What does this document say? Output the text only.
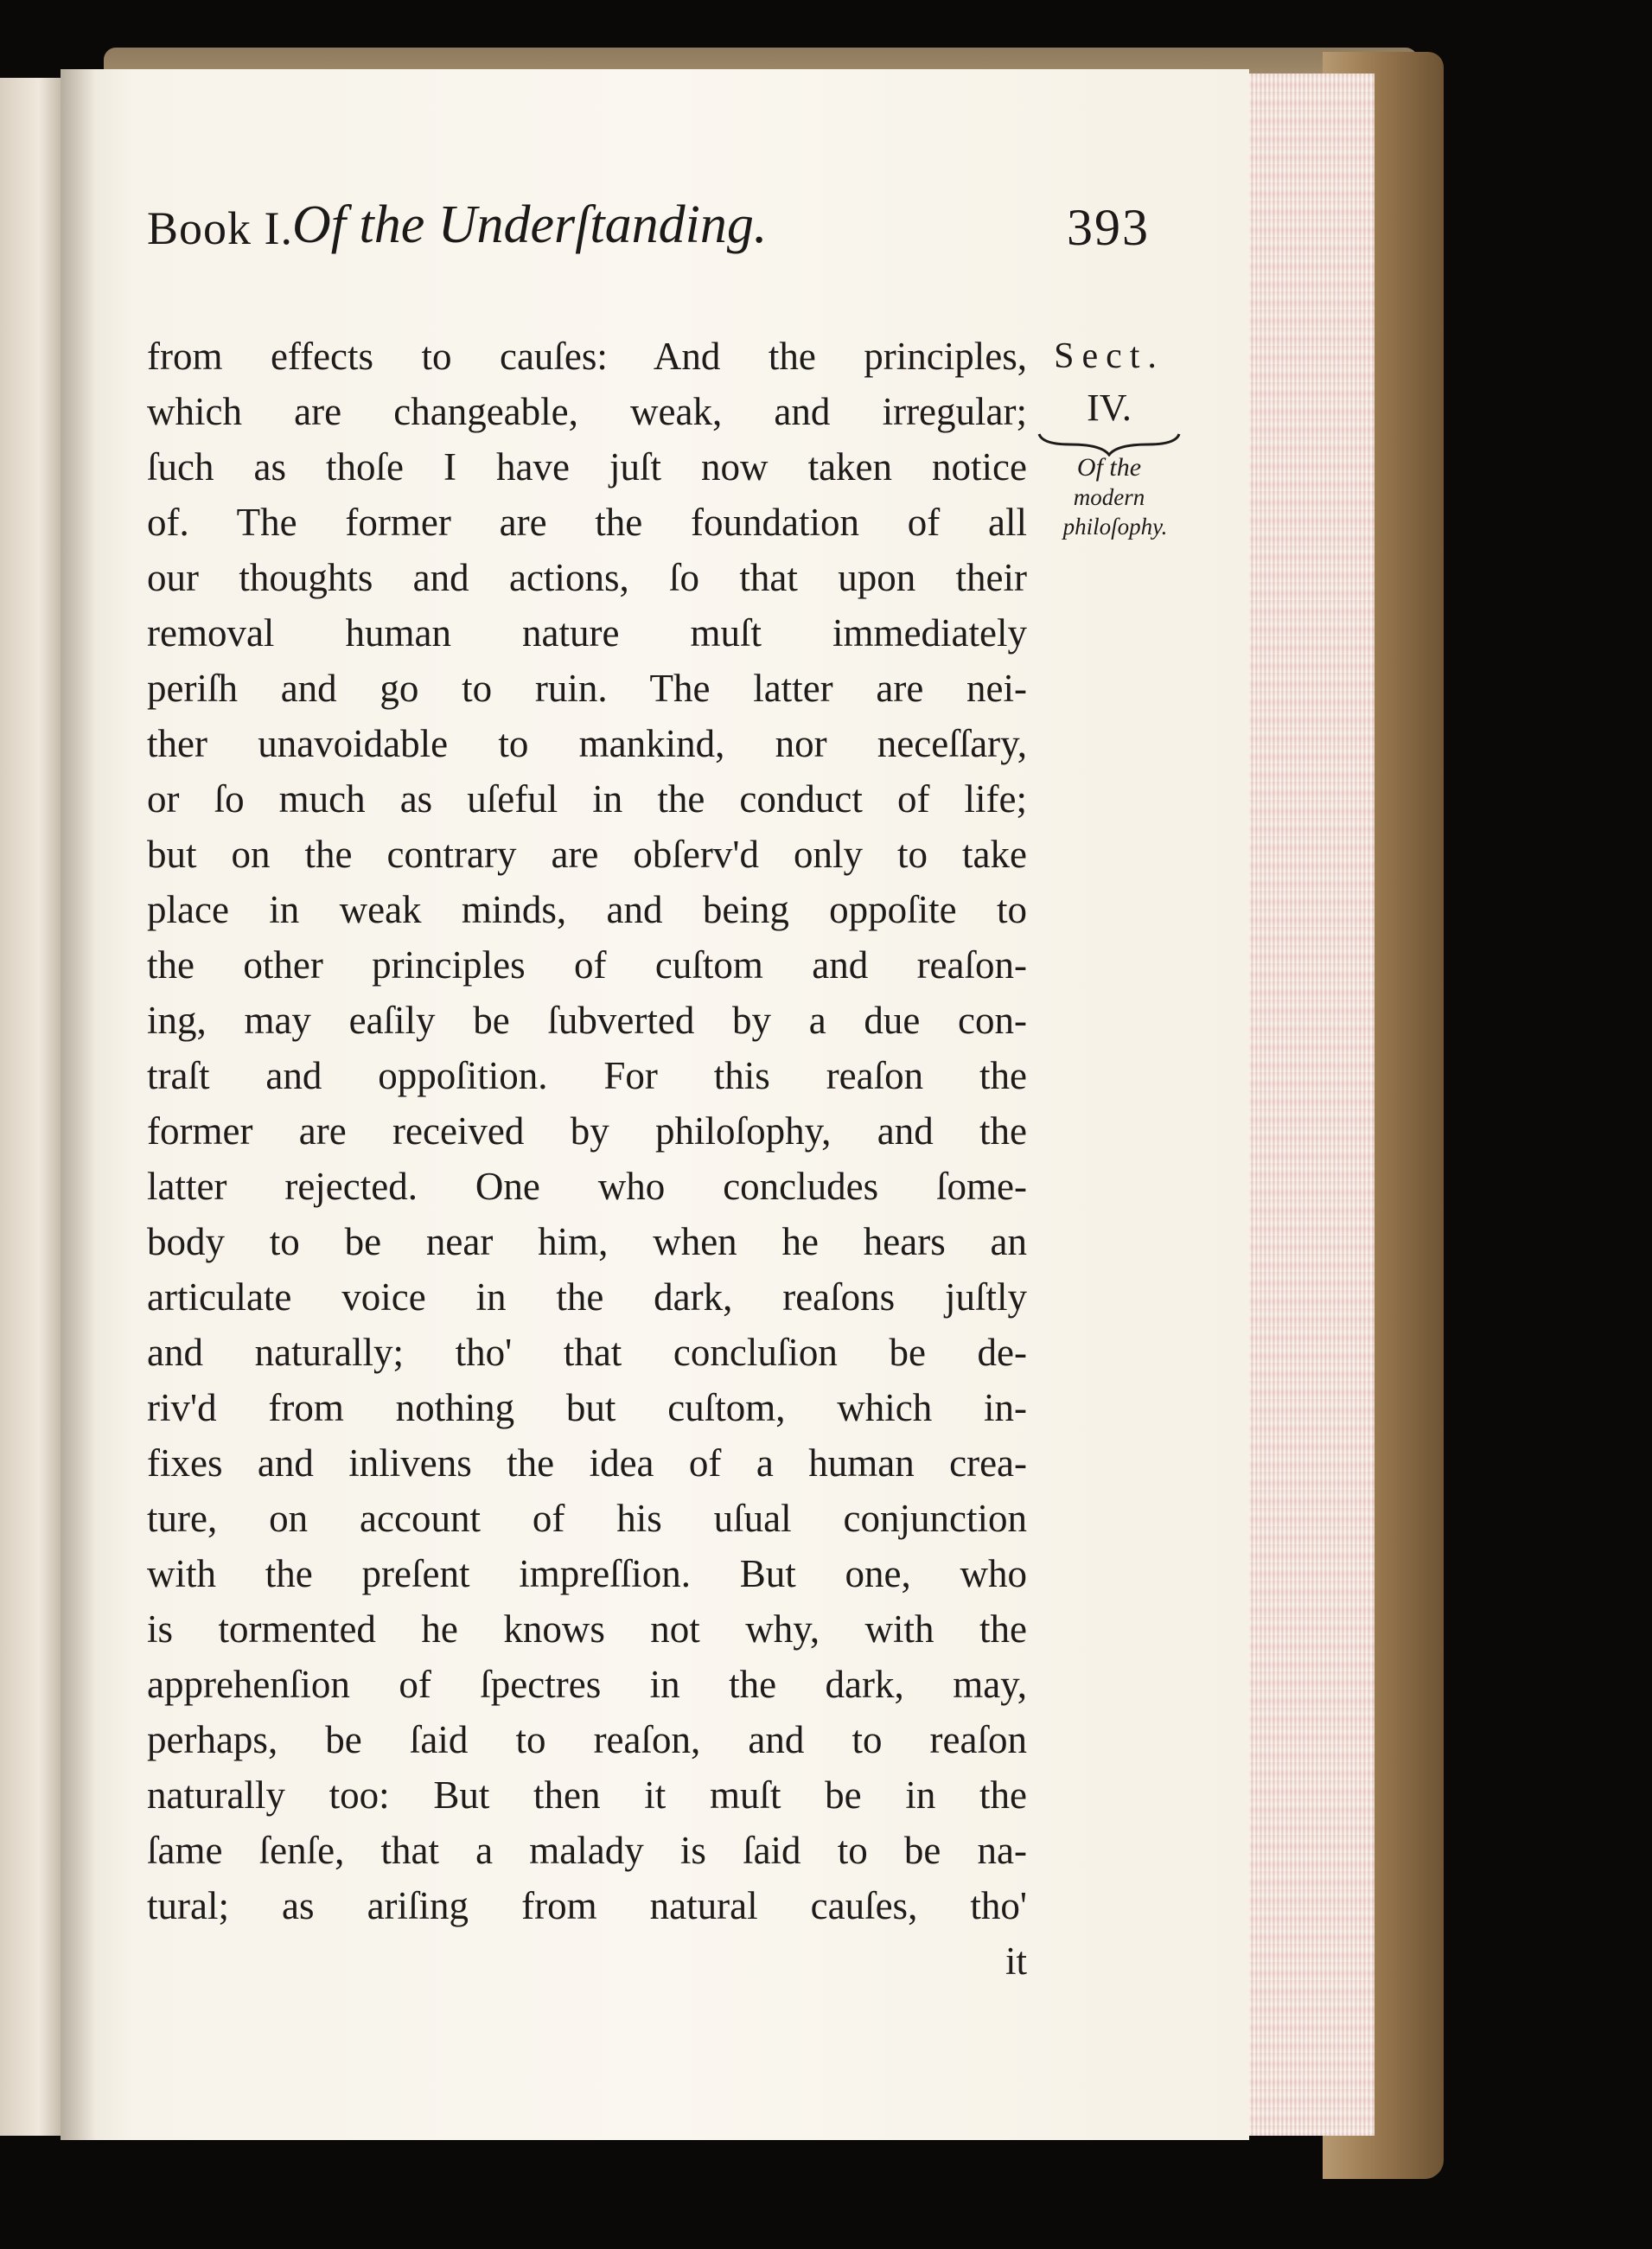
Book I. Of the Underſtanding.	393
from effects to cauſes: And the principles,
which are changeable, weak, and irregular;
ſuch as thoſe I have juſt now taken notice
of. The former are the foundation of all
our thoughts and actions, ſo that upon their
removal human nature muſt immediately
periſh and go to ruin. The latter are nei-
ther unavoidable to mankind, nor neceſſary,
or ſo much as uſeful in the conduct of life;
but on the contrary are obſerv'd only to take
place in weak minds, and being oppoſite to
the other principles of cuſtom and reaſon-
ing, may eaſily be ſubverted by a due con-
traſt and oppoſition. For this reaſon the
former are received by philoſophy, and the
latter rejected. One who concludes ſome-
body to be near him, when he hears an
articulate voice in the dark, reaſons juſtly
and naturally; tho' that concluſion be de-
riv'd from nothing but cuſtom, which in-
fixes and inlivens the idea of a human crea-
ture, on account of his uſual conjunction
with the preſent impreſſion. But one, who
is tormented he knows not why, with the
apprehenſion of ſpectres in the dark, may,
perhaps, be ſaid to reaſon, and to reaſon
naturally too: But then it muſt be in the
ſame ſenſe, that a malady is ſaid to be na-
tural; as ariſing from natural cauſes, tho'
it
Sect.
IV.
Of the
modern
philoſophy.
